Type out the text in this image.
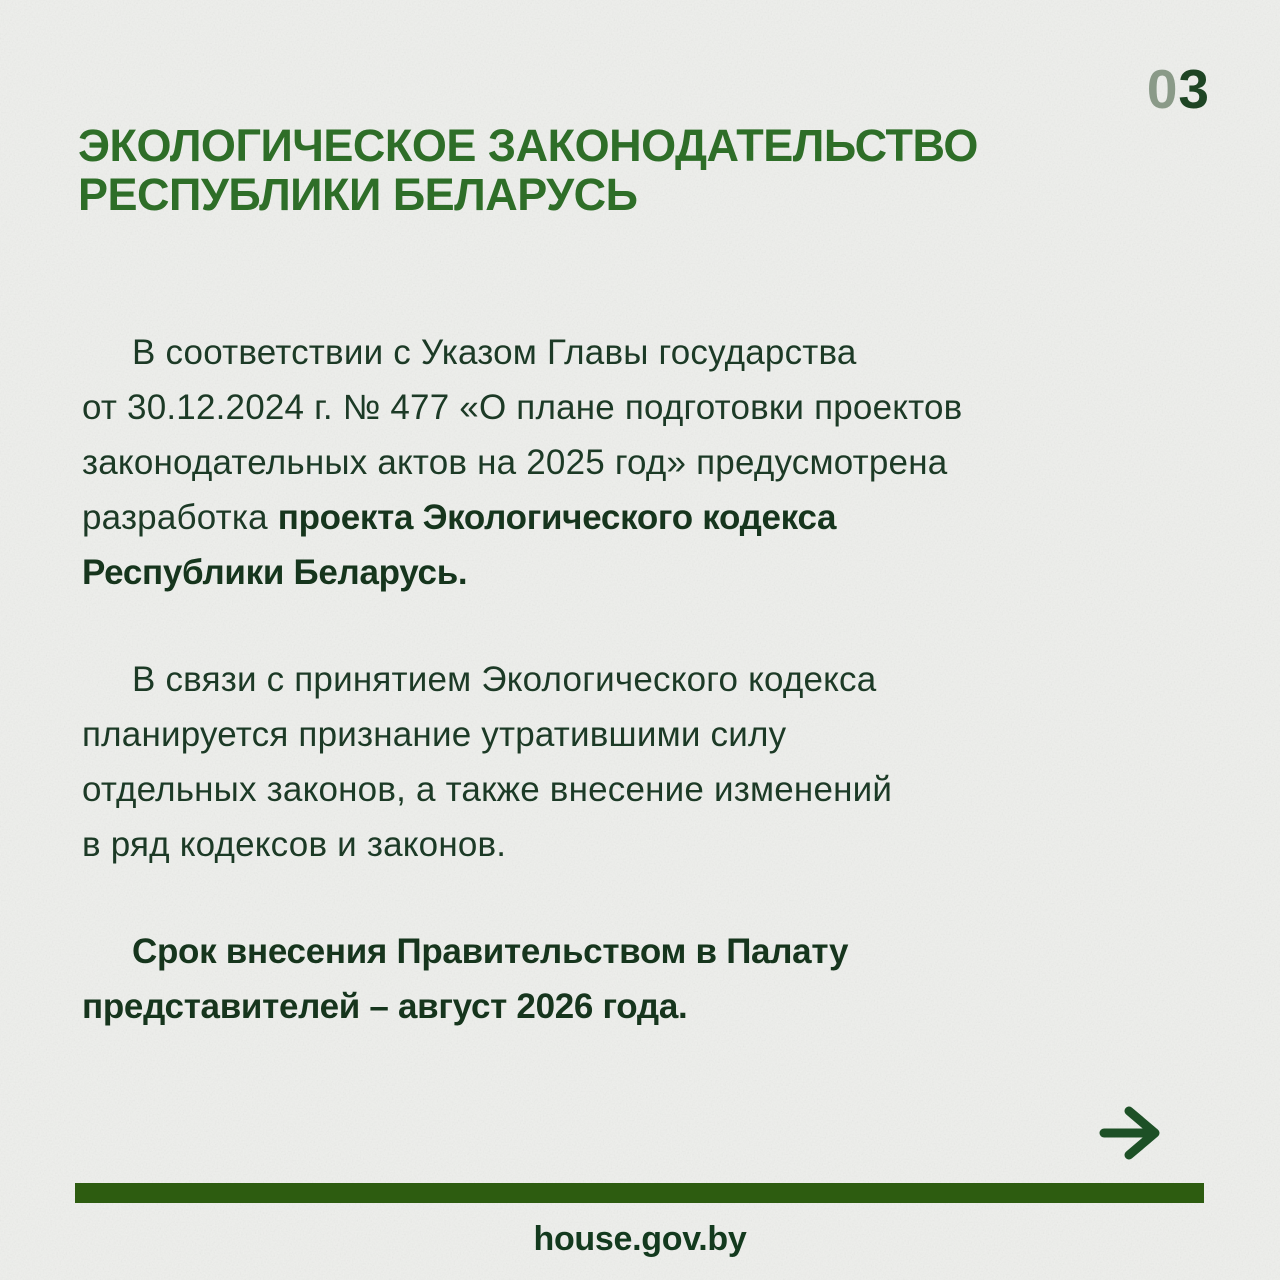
03
ЭКОЛОГИЧЕСКОЕ ЗАКОНОДАТЕЛЬСТВО
РЕСПУБЛИКИ БЕЛАРУСЬ
В соответствии с Указом Главы государства
от 30.12.2024 г. № 477 «О плане подготовки проектов
законодательных актов на 2025 год» предусмотрена
разработка проекта Экологического кодекса
Республики Беларусь.
В связи с принятием Экологического кодекса
планируется признание утратившими силу
отдельных законов, а также внесение изменений
в ряд кодексов и законов.
Срок внесения Правительством в Палату
представителей – август 2026 года.
house.gov.by
